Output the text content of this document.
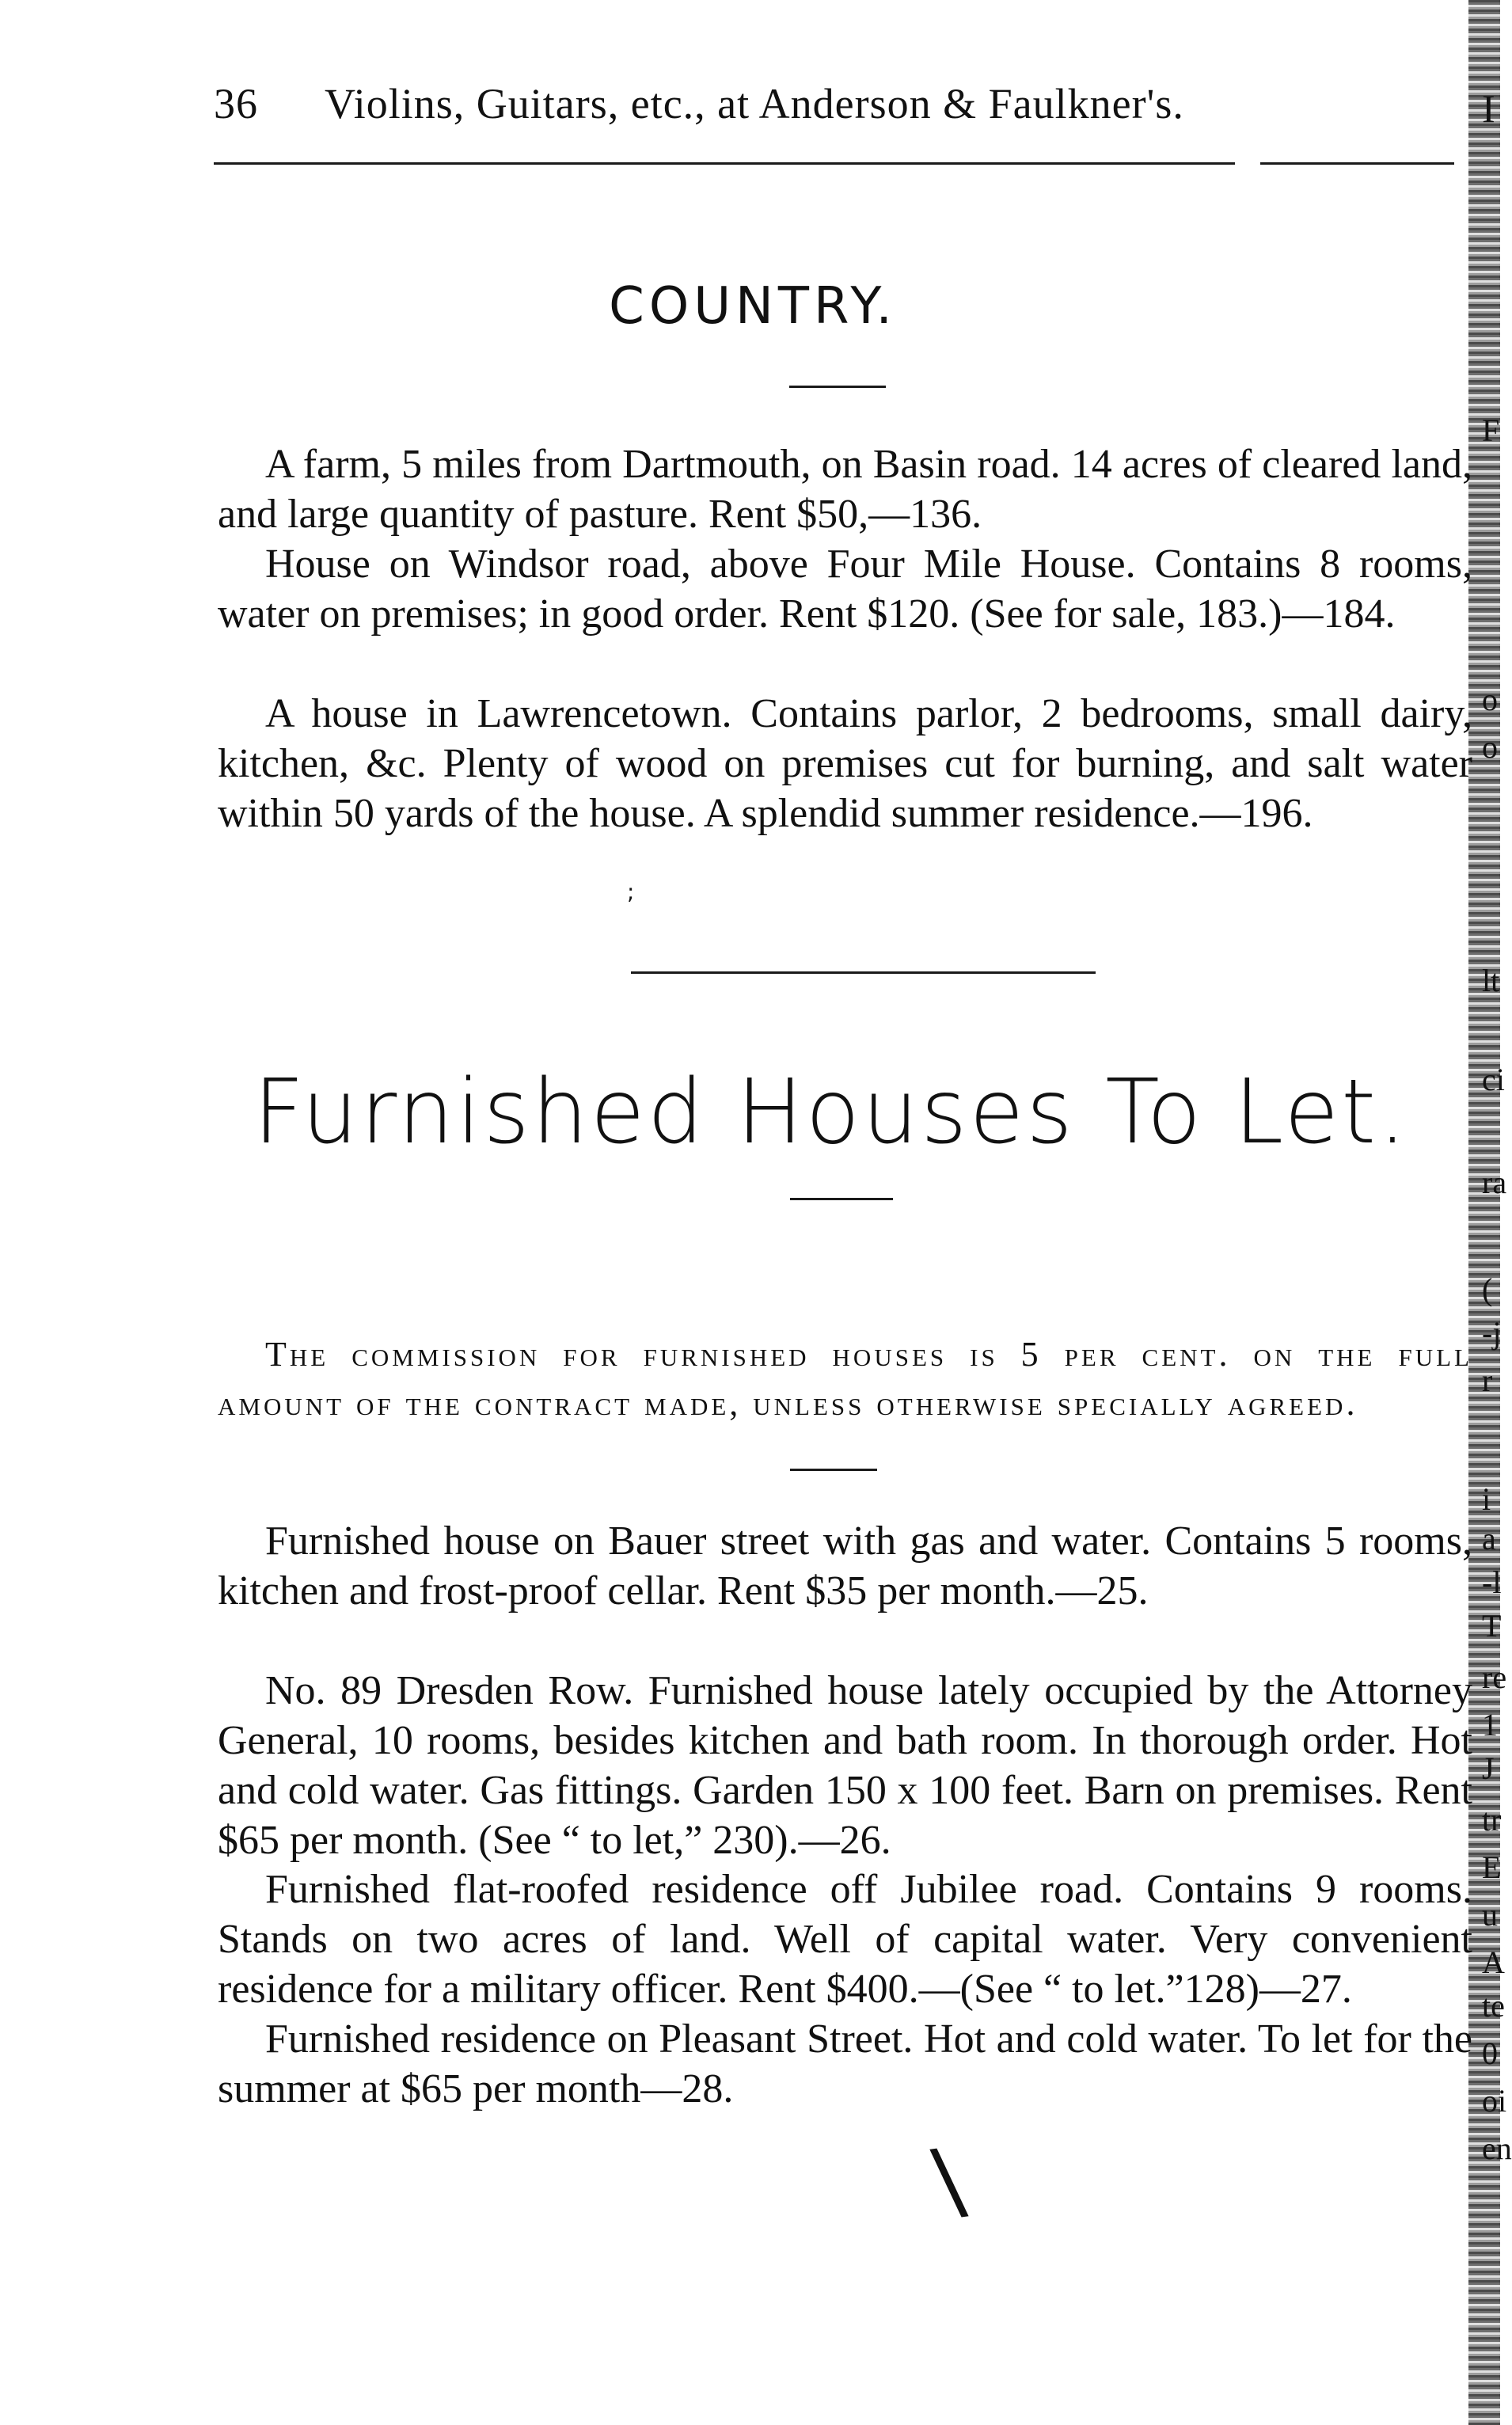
36	Violins, Guitars, etc., at Anderson & Faulkner's.	I
COUNTRY.

A farm, 5 miles from Dartmouth, on Basin road. 14 acres of cleared land, and large quantity of pasture. Rent $50,—136.

House on Windsor road, above Four Mile House. Contains 8 rooms, water on premises; in good order. Rent $120. (See for sale, 183.)—184.

A house in Lawrencetown. Contains parlor, 2 bedrooms, small dairy, kitchen, &c. Plenty of wood on premises cut for burning, and salt water within 50 yards of the house. A splendid summer residence.—196.

;
Furnished Houses To Let.

The commission for furnished houses is 5 per cent. on the full amount of the contract made, unless otherwise specially agreed.

Furnished house on Bauer street with gas and water. Contains 5 rooms, kitchen and frost-proof cellar. Rent $35 per month.—25.

No. 89 Dresden Row. Furnished house lately occupied by the Attorney General, 10 rooms, besides kitchen and bath room. In thorough order. Hot and cold water. Gas fittings. Garden 150 x 100 feet. Barn on premises. Rent $65 per month. (See “ to let,” 230).—26.

Furnished flat-roofed residence off Jubilee road. Contains 9 rooms. Stands on two acres of land. Well of capital water. Very convenient residence for a military officer. Rent $400.—(See “ to let.”128)—27.

Furnished residence on Pleasant Street. Hot and cold water. To let for the summer at $65 per month—28.

\
F
o
o
lt
ci
ra
(
-j
r
i
a
-l
T
re
1
J
tr
E
u
A
te
0
oi
en
